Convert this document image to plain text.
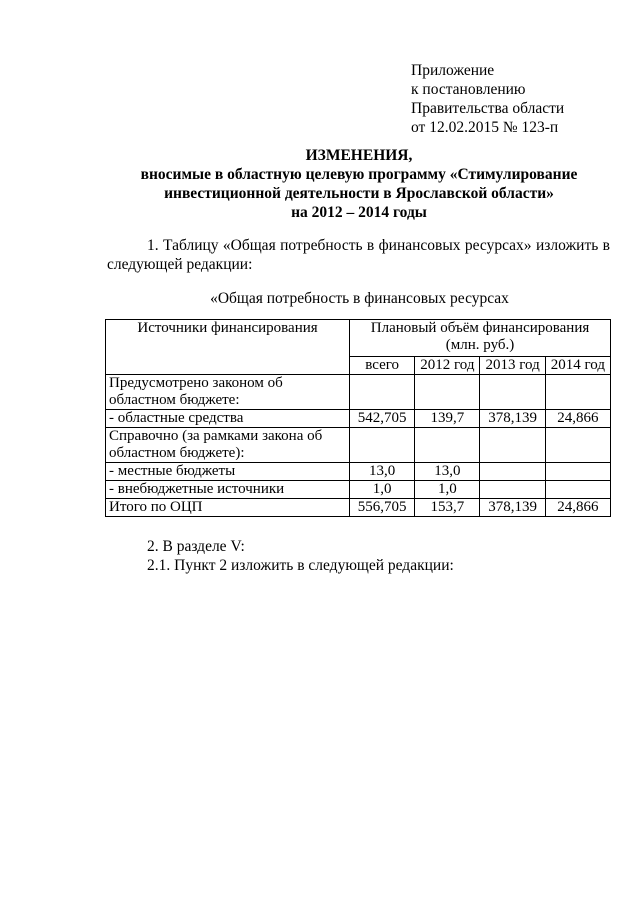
Приложение
к постановлению
Правительства области
от 12.02.2015 № 123-п
ИЗМЕНЕНИЯ,
вносимые в областную целевую программу «Стимулирование
инвестиционной деятельности в Ярославской области»
на 2012 – 2014 годы
1. Таблицу «Общая потребность в финансовых ресурсах» изложить в следующей редакции:
«Общая потребность в финансовых ресурсах
Источники финансирования	Плановый объём финансирования (млн. руб.)			
	всего	2012 год	2013 год	2014 год
Предусмотрено законом об областном бюджете:				
- областные средства	542,705	139,7	378,139	24,866
Справочно (за рамками закона об областном бюджете):				
- местные бюджеты	13,0	13,0		
- внебюджетные источники	1,0	1,0		
Итого по ОЦП	556,705	153,7	378,139	24,866
2. В разделе V:
2.1. Пункт 2 изложить в следующей редакции:
